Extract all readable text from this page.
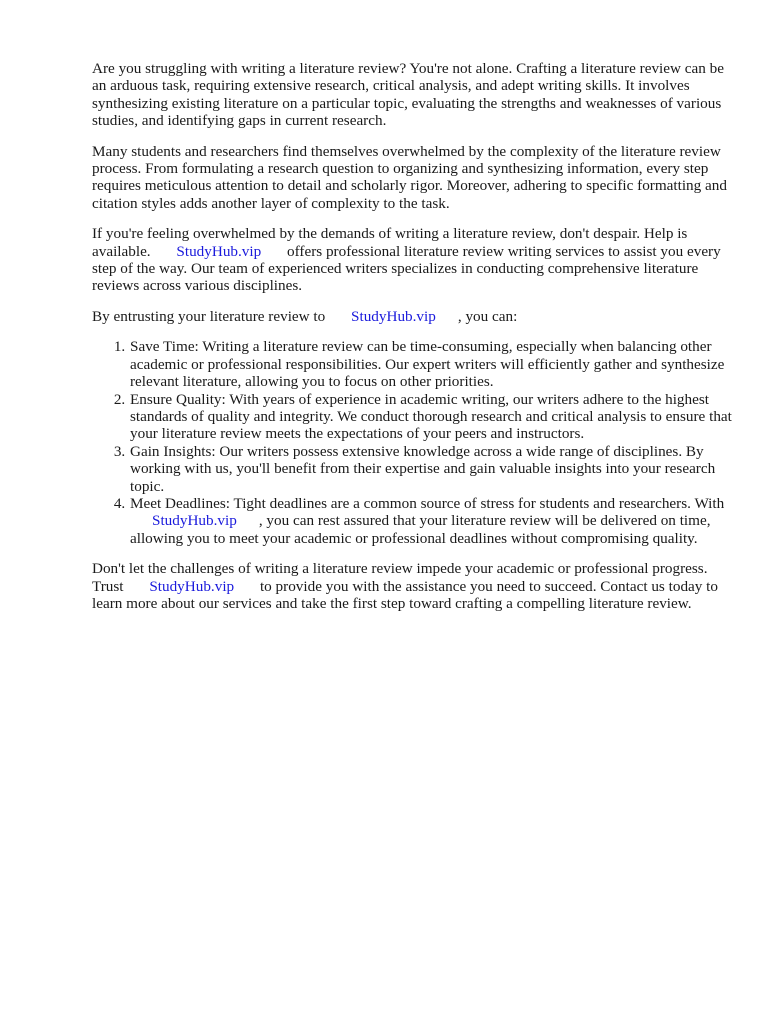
Are you struggling with writing a literature review? You're not alone. Crafting a literature review can be an arduous task, requiring extensive research, critical analysis, and adept writing skills. It involves synthesizing existing literature on a particular topic, evaluating the strengths and weaknesses of various studies, and identifying gaps in current research.

Many students and researchers find themselves overwhelmed by the complexity of the literature review process. From formulating a research question to organizing and synthesizing information, every step requires meticulous attention to detail and scholarly rigor. Moreover, adhering to specific formatting and citation styles adds another layer of complexity to the task.

If you're feeling overwhelmed by the demands of writing a literature review, don't despair. Help is available. StudyHub.vip offers professional literature review writing services to assist you every step of the way. Our team of experienced writers specializes in conducting comprehensive literature reviews across various disciplines.

By entrusting your literature review to StudyHub.vip , you can:

1. Save Time: Writing a literature review can be time-consuming, especially when balancing other academic or professional responsibilities. Our expert writers will efficiently gather and synthesize relevant literature, allowing you to focus on other priorities.
2. Ensure Quality: With years of experience in academic writing, our writers adhere to the highest standards of quality and integrity. We conduct thorough research and critical analysis to ensure that your literature review meets the expectations of your peers and instructors.
3. Gain Insights: Our writers possess extensive knowledge across a wide range of disciplines. By working with us, you'll benefit from their expertise and gain valuable insights into your research topic.
4. Meet Deadlines: Tight deadlines are a common source of stress for students and researchers. With StudyHub.vip , you can rest assured that your literature review will be delivered on time, allowing you to meet your academic or professional deadlines without compromising quality.

Don't let the challenges of writing a literature review impede your academic or professional progress. Trust StudyHub.vip to provide you with the assistance you need to succeed. Contact us today to learn more about our services and take the first step toward crafting a compelling literature review.
